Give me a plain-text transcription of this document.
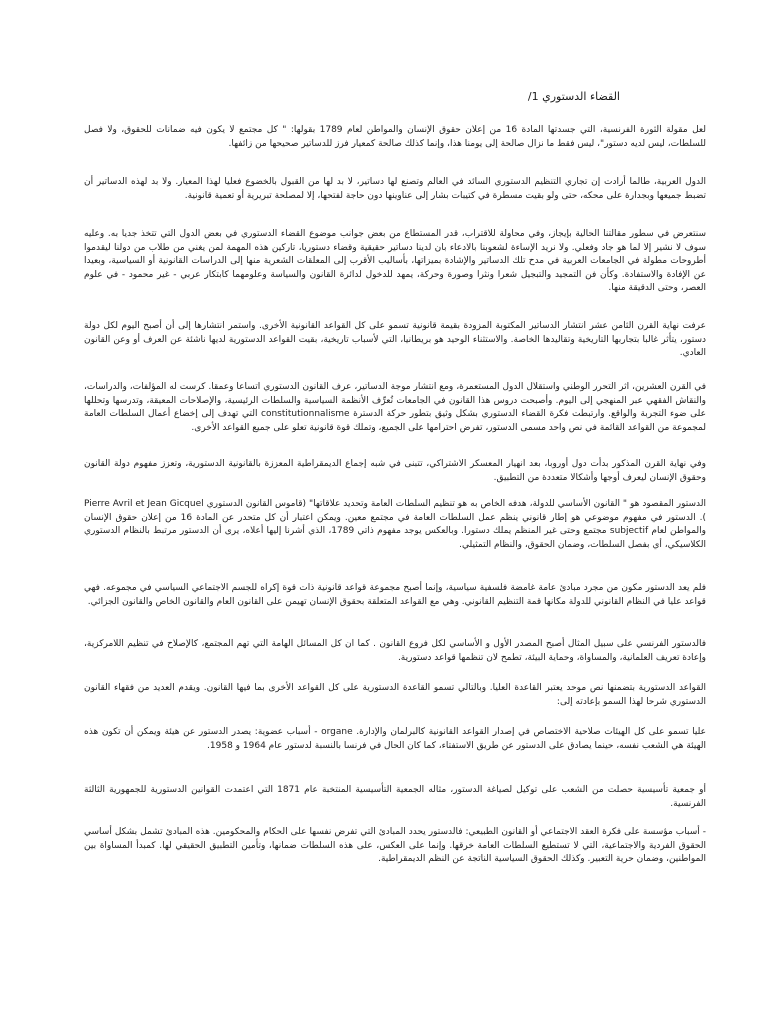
القضاء الدستوري 1/

لعل مقولة الثورة الفرنسية، التي جسدتها المادة 16 من إعلان حقوق الإنسان والمواطن لعام 1789 بقولها: " كل مجتمع لا يكون فيه ضمانات للحقوق، ولا فصل للسلطات، ليس لديه دستور"، ليس فقط ما نزال صالحة إلى يومنا هذا، وإنما كذلك صالحة كمعيار فرز للدساتير صحيحها من زائفها.

الدول العربية، طالما أرادت إن تجاري التنظيم الدستوري السائد في العالم وتصنع لها دساتير، لا بد لها من القبول بالخضوع فعليا لهذا المعيار. ولا بد لهذه الدساتير أن تضبط جميعها وبجدارة على محكه، حتى ولو بقيت مسطرة في كتيبات بشار إلى عناوينها دون حاجة لفتحها، إلا لمصلحة تبريرية أو تعمية قانونية.

سنتعرض في سطور مقالتنا الحالية بإيجاز، وفي محاولة للاقتراب، قدر المستطاع من بعض جوانب موضوع القضاء الدستوري في بعض الدول التي تتخذ جديا به. وعليه سوف لا نشير إلا لما هو جاد وفعلي. ولا نريد الإساءة لشعوبنا بالادعاء بان لدينا دساتير حقيقية وقضاء دستوريا، تاركين هذه المهمة لمن يغني من طلاب من دولنا ليقدموا أطروحات مطولة في الجامعات العربية في مدح تلك الدساتير والإشادة بميزاتها، بأساليب الأقرب إلى المعلقات الشعرية منها إلى الدراسات القانونية أو السياسية، وبعيدا عن الإفادة والاستفادة. وكأن فن التمجيد والتبجيل شعرا ونثرا وصورة وحركة، يمهد للدخول لدائرة القانون والسياسة وعلومهما كابتكار عربي - غير محمود - في علوم العصر، وحتى الدقيقة منها.

عرفت نهاية القرن الثامن عشر انتشار الدساتير المكتوبة المزودة بقيمة قانونية تسمو على كل القواعد القانونية الأخرى. واستمر انتشارها إلى أن أصبح اليوم لكل دولة دستور، يتأثر غالبا بتجاربها التاريخية وتقاليدها الخاصة. والاستثناء الوحيد هو بريطانيا، التي لأسباب تاريخية، بقيت القواعد الدستورية لديها ناشئة عن العرف أو وعن القانون العادي.

في القرن العشرين، اثر التحرر الوطني واستقلال الدول المستعمرة، ومع انتشار موجة الدساتير، عرف القانون الدستوري اتساعا وعمقا. كرست له المؤلفات، والدراسات، والنقاش الفقهي عبر المنهجي إلى اليوم. وأصبحت دروس هذا القانون في الجامعات تُعرِّف الأنظمة السياسية والسلطات الرئيسية، والإصلاحات المعيقة، وتدرسها وتحللها على ضوء التجربة والواقع. وارتبطت فكرة القضاء الدستوري بشكل وثيق بتطور حركة الدسترة constitutionnalisme التي تهدف إلى إخضاع أعمال السلطات العامة لمجموعة من القواعد القائمة في نص واحد مسمى الدستور، تفرض احترامها على الجميع، وتملك قوة قانونية تعلو على جميع القواعد الأخرى.

وفي نهاية القرن المذكور بدأت دول أوروبا، بعد انهيار المعسكر الاشتراكي، تتبنى في شبه إجماع الديمقراطية المعززة بالقانونية الدستورية، وتعزز مفهوم دولة القانون وحقوق الإنسان ليعرف أوجها وأشكالا متعددة من التطبيق.

الدستور المقصود هو " القانون الأساسي للدولة، هدفه الخاص به هو تنظيم السلطات العامة وتحديد علاقاتها" (قاموس القانون الدستوري Pierre Avril et Jean Gicquel ). الدستور في مفهوم موضوعي هو إطار قانوني ينظم عمل السلطات العامة في مجتمع معين. ويمكن اعتبار أن كل متحدر عن المادة 16 من إعلان حقوق الإنسان والمواطن لعام subjectif مجتمع وحتى غير المنظم يملك دستورا. وبالعكس يوجد مفهوم ذاتي 1789، الذي أشرنا إليها أعلاه، يرى أن الدستور مرتبط بالنظام الدستوري الكلاسيكي، أي بفصل السلطات، وضمان الحقوق، والنظام التمثيلي.

فلم يعد الدستور مكون من مجرد مبادئ عامة غامضة فلسفية سياسية، وإنما أصبح مجموعة قواعد قانونية ذات قوة إكراه للجسم الاجتماعي السياسي في مجموعه. فهي قواعد عليا في النظام القانوني للدولة مكانها قمة التنظيم القانوني. وهي مع القواعد المتعلقة بحقوق الإنسان تهيمن على القانون العام والقانون الخاص والقانون الجزائي.

فالدستور الفرنسي على سبيل المثال أصبح المصدر الأول و الأساسي لكل فروع القانون . كما ان كل المسائل الهامة التي تهم المجتمع، كالإصلاح في تنظيم اللامركزية، وإعادة تعريف العلمانية، والمساواة، وحماية البيئة، تطمح لان تنظمها قواعد دستورية.

القواعد الدستورية بتضمنها نص موحد يعتبر القاعدة العليا. وبالتالي تسمو القاعدة الدستورية على كل القواعد الأخرى بما فيها القانون. ويقدم العديد من فقهاء القانون الدستوري شرحا لهذا السمو بإعادته إلى:

عليا تسمو على كل الهيئات صلاحية الاختصاص في إصدار القواعد القانونية كالبرلمان والإدارة. organe - أسباب عضوية: يصدر الدستور عن هيئة ويمكن أن تكون هذه الهيئة هي الشعب نفسه، حينما يصادق على الدستور عن طريق الاستفتاء، كما كان الحال في فرنسا بالنسبة لدستور عام 1964 و 1958.

أو جمعية تأسيسية حصلت من الشعب على توكيل لصياغة الدستور، مثاله الجمعية التأسيسية المنتخبة عام 1871 التي اعتمدت القوانين الدستورية للجمهورية الثالثة الفرنسية.

- أسباب مؤسسة على فكرة العقد الاجتماعي أو القانون الطبيعي: فالدستور يحدد المبادئ التي تفرض نفسها على الحكام والمحكومين. هذه المبادئ تشمل بشكل أساسي الحقوق الفردية والاجتماعية، التي لا تستطيع السلطات العامة خرقها. وإنما على العكس، على هذه السلطات ضمانها، وتأمين التطبيق الحقيقي لها. كمبدأ المساواة بين المواطنين، وضمان حرية التعبير. وكذلك الحقوق السياسية الناتجة عن النظم الديمقراطية.
